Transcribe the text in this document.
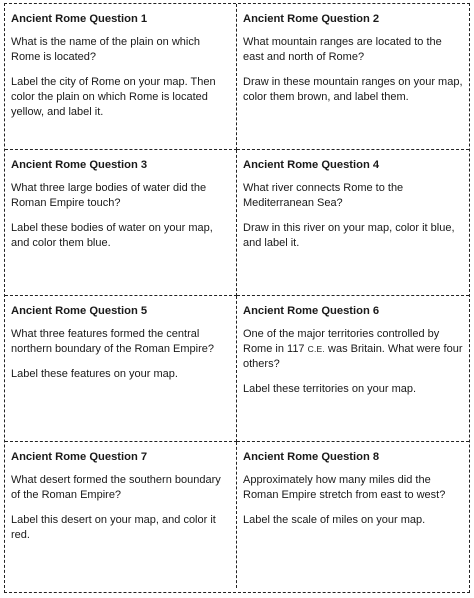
Ancient Rome Question 1
What is the name of the plain on which Rome is located?
Label the city of Rome on your map. Then color the plain on which Rome is located yellow, and label it.
Ancient Rome Question 2
What mountain ranges are located to the east and north of Rome?
Draw in these mountain ranges on your map, color them brown, and label them.
Ancient Rome Question 3
What three large bodies of water did the Roman Empire touch?
Label these bodies of water on your map, and color them blue.
Ancient Rome Question 4
What river connects Rome to the Mediterranean Sea?
Draw in this river on your map, color it blue, and label it.
Ancient Rome Question 5
What three features formed the central northern boundary of the Roman Empire?
Label these features on your map.
Ancient Rome Question 6
One of the major territories controlled by Rome in 117 C.E. was Britain. What were four others?
Label these territories on your map.
Ancient Rome Question 7
What desert formed the southern boundary of the Roman Empire?
Label this desert on your map, and color it red.
Ancient Rome Question 8
Approximately how many miles did the Roman Empire stretch from east to west?
Label the scale of miles on your map.
